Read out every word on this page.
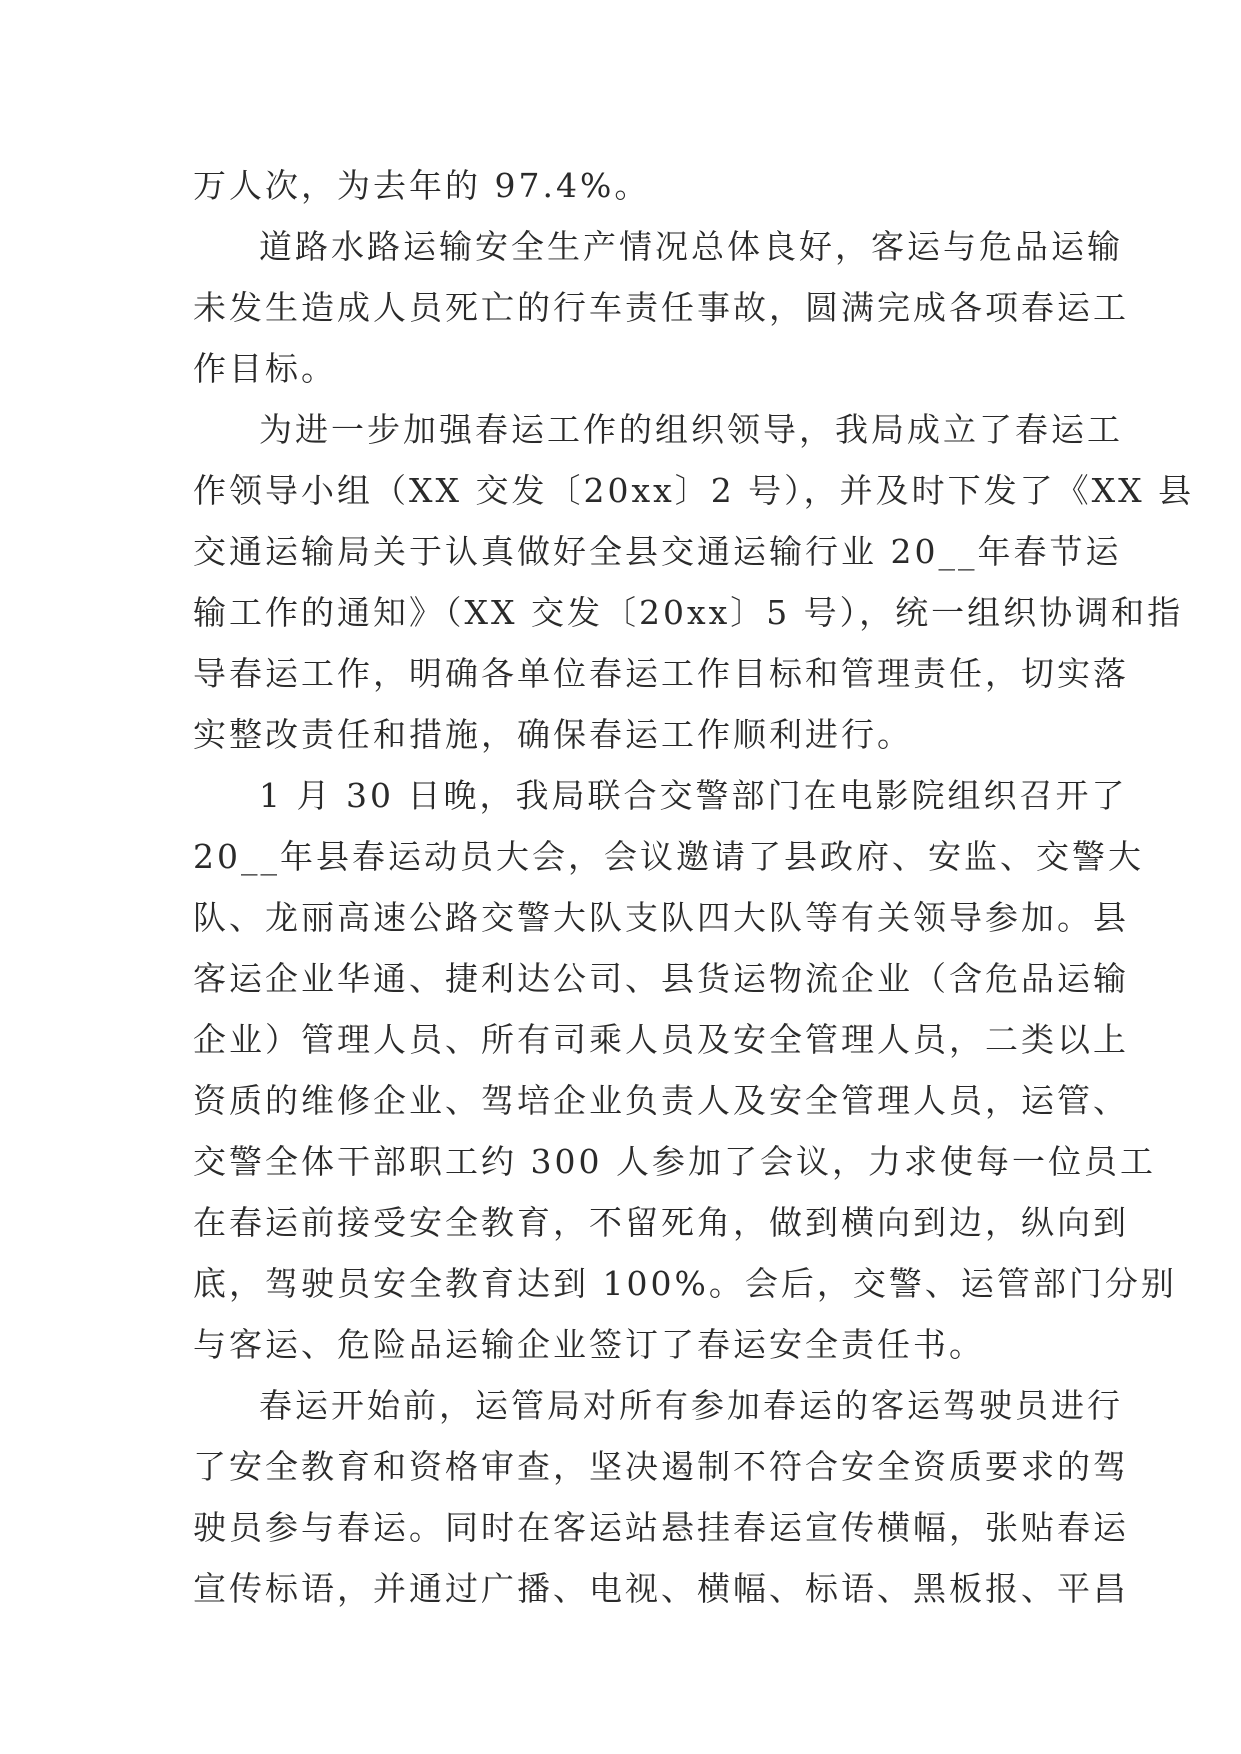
万人次，为去年的 97.4%。
道路水路运输安全生产情况总体良好，客运与危品运输
未发生造成人员死亡的行车责任事故，圆满完成各项春运工
作目标。
为进一步加强春运工作的组织领导，我局成立了春运工
作领导小组（XX 交发〔20xx〕2 号），并及时下发了《XX 县
交通运输局关于认真做好全县交通运输行业 20__年春节运
输工作的通知》（XX 交发〔20xx〕5 号），统一组织协调和指
导春运工作，明确各单位春运工作目标和管理责任，切实落
实整改责任和措施，确保春运工作顺利进行。
1 月 30 日晚，我局联合交警部门在电影院组织召开了
20__年县春运动员大会，会议邀请了县政府、安监、交警大
队、龙丽高速公路交警大队支队四大队等有关领导参加。县
客运企业华通、捷利达公司、县货运物流企业（含危品运输
企业）管理人员、所有司乘人员及安全管理人员，二类以上
资质的维修企业、驾培企业负责人及安全管理人员，运管、
交警全体干部职工约 300 人参加了会议，力求使每一位员工
在春运前接受安全教育，不留死角，做到横向到边，纵向到
底，驾驶员安全教育达到 100%。会后，交警、运管部门分别
与客运、危险品运输企业签订了春运安全责任书。
春运开始前，运管局对所有参加春运的客运驾驶员进行
了安全教育和资格审查，坚决遏制不符合安全资质要求的驾
驶员参与春运。同时在客运站悬挂春运宣传横幅，张贴春运
宣传标语，并通过广播、电视、横幅、标语、黑板报、平昌
